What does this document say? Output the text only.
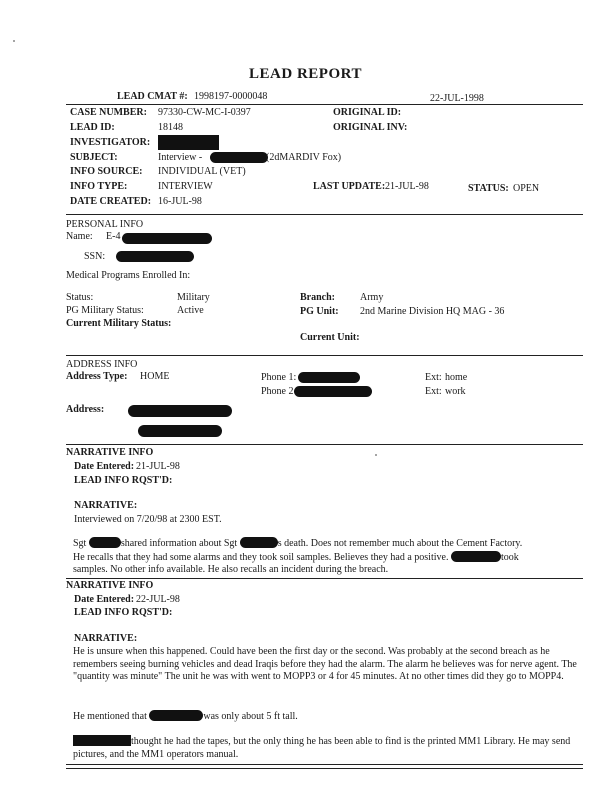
LEAD REPORT
LEAD CMAT #: 1998197-0000048	22-JUL-1998
CASE NUMBER: 97330-CW-MC-I-0397	ORIGINAL ID:
LEAD ID:	18148	ORIGINAL INV:
INVESTIGATOR:
SUBJECT:	Interview -	(2dMARDIV Fox)
INFO SOURCE: INDIVIDUAL (VET)
INFO TYPE:	INTERVIEW	LAST UPDATE: 21-JUL-98	STATUS: OPEN
DATE CREATED: 16-JUL-98
PERSONAL INFO
Name: E-4
SSN:
Medical Programs Enrolled In:
Status:	Military	Branch:	Army
PG Military Status:	Active	PG Unit: 2nd Marine Division HQ MAG - 36
Current Military Status:
Current Unit:
ADDRESS INFO
Address Type: HOME	Phone 1:	Ext: home
Phone 2	Ext: work
Address:
NARRATIVE INFO
Date Entered: 21-JUL-98
LEAD INFO RQST'D:
NARRATIVE:
Interviewed on 7/20/98 at 2300 EST.
Sgt	shared information about Sgt	s death. Does not remember much about the Cement Factory.
He recalls that they had some alarms and they took soil samples. Believes they had a positive.	took
samples. No other info available. He also recalls an incident during the breach.
NARRATIVE INFO
Date Entered: 22-JUL-98
LEAD INFO RQST'D:
NARRATIVE:
He is unsure when this happened. Could have been the first day or the second. Was probably at the second breach as he remembers seeing burning vehicles and dead Iraqis before they had the alarm. The alarm he believes was for nerve agent. The "quantity was minute" The unit he was with went to MOPP3 or 4 for 45 minutes. At no other times did they go to MOPP4.
He mentioned that	was only about 5 ft tall.
thought he had the tapes, but the only thing he has been able to find is the printed MM1 Library. He may send pictures, and the MM1 operators manual.
